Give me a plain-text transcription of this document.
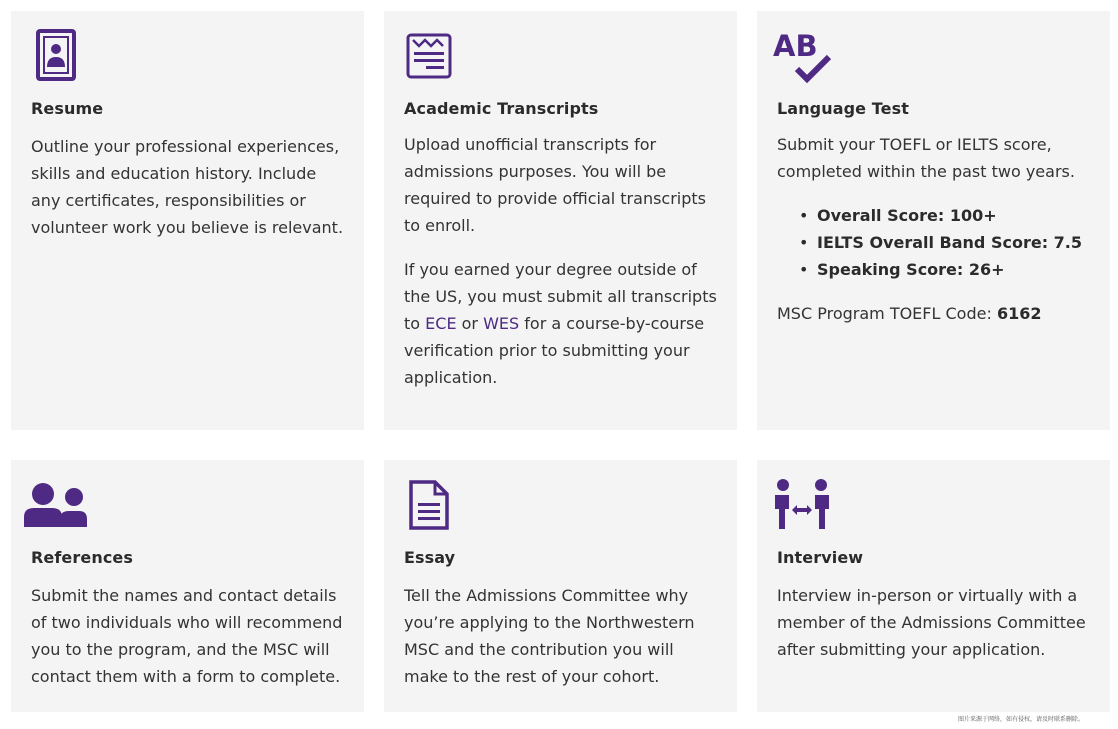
Resume

Outline your professional experiences, skills and education history. Include any certificates, responsibilities or volunteer work you believe is relevant.

Academic Transcripts

Upload unofficial transcripts for admissions purposes. You will be required to provide official transcripts to enroll.

If you earned your degree outside of the US, you must submit all transcripts to ECE or WES for a course-by-course verification prior to submitting your application.

AB
Language Test

Submit your TOEFL or IELTS score, completed within the past two years.

• Overall Score: 100+
• IELTS Overall Band Score: 7.5
• Speaking Score: 26+

MSC Program TOEFL Code: 6162

References

Submit the names and contact details of two individuals who will recommend you to the program, and the MSC will contact them with a form to complete.

Essay

Tell the Admissions Committee why you’re applying to the Northwestern MSC and the contribution you will make to the rest of your cohort.

Interview

Interview in-person or virtually with a member of the Admissions Committee after submitting your application.

图片来源于网络，如有侵权，请及时联系删除。
